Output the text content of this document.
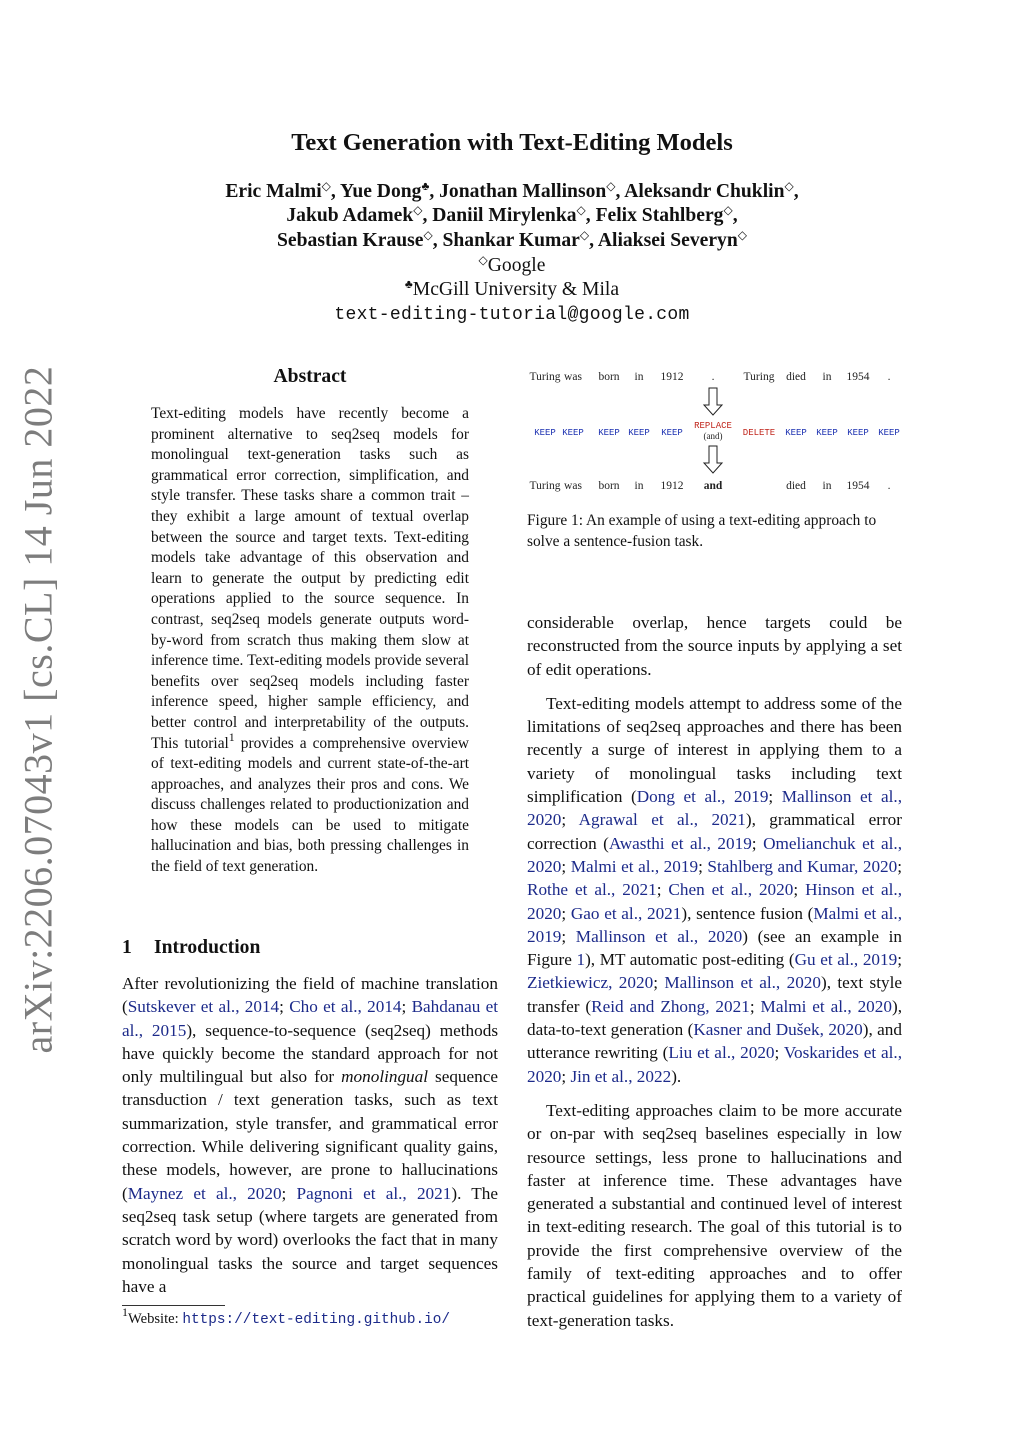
arXiv:2206.07043v1 [cs.CL] 14 Jun 2022
Text Generation with Text-Editing Models
Eric Malmi◇, Yue Dong♣, Jonathan Mallinson◇, Aleksandr Chuklin◇,
Jakub Adamek◇, Daniil Mirylenka◇, Felix Stahlberg◇,
Sebastian Krause◇, Shankar Kumar◇, Aliaksei Severyn◇
◇Google
♣McGill University & Mila
text-editing-tutorial@google.com
Abstract
Text-editing models have recently become a prominent alternative to seq2seq models for monolingual text-generation tasks such as grammatical error correction, simplification, and style transfer. These tasks share a common trait – they exhibit a large amount of textual overlap between the source and target texts. Text-editing models take advantage of this observation and learn to generate the output by predicting edit operations applied to the source sequence. In contrast, seq2seq models generate outputs word-by-word from scratch thus making them slow at inference time. Text-editing models provide several benefits over seq2seq models including faster inference speed, higher sample efficiency, and better control and interpretability of the outputs. This tutorial$^1$ provides a comprehensive overview of text-editing models and current state-of-the-art approaches, and analyzes their pros and cons. We discuss challenges related to productionization and how these models can be used to mitigate hallucination and bias, both pressing challenges in the field of text generation.
Turing was born in 1912 .	Turing died in 1954 .
KEEP KEEP KEEP KEEP KEEP
REPLACE
DELETE KEEP KEEP KEEP KEEP
(and)
Turing was born in 1912 and	died in 1954 .
Figure 1: An example of using a text-editing approach to solve a sentence-fusion task.
1 Introduction
After revolutionizing the field of machine translation (Sutskever et al., 2014; Cho et al., 2014; Bahdanau et al., 2015), sequence-to-sequence (seq2seq) methods have quickly become the standard approach for not only multilingual but also for monolingual sequence transduction / text generation tasks, such as text summarization, style transfer, and grammatical error correction. While delivering significant quality gains, these models, however, are prone to hallucinations (Maynez et al., 2020; Pagnoni et al., 2021). The seq2seq task setup (where targets are generated from scratch word by word) overlooks the fact that in many monolingual tasks the source and target sequences have a

considerable overlap, hence targets could be reconstructed from the source inputs by applying a set of edit operations.

Text-editing models attempt to address some of the limitations of seq2seq approaches and there has been recently a surge of interest in applying them to a variety of monolingual tasks including text simplification (Dong et al., 2019; Mallinson et al., 2020; Agrawal et al., 2021), grammatical error correction (Awasthi et al., 2019; Omelianchuk et al., 2020; Malmi et al., 2019; Stahlberg and Kumar, 2020; Rothe et al., 2021; Chen et al., 2020; Hinson et al., 2020; Gao et al., 2021), sentence fusion (Malmi et al., 2019; Mallinson et al., 2020) (see an example in Figure 1), MT automatic post-editing (Gu et al., 2019; Zietkiewicz, 2020; Mallinson et al., 2020), text style transfer (Reid and Zhong, 2021; Malmi et al., 2020), data-to-text generation (Kasner and Dušek, 2020), and utterance rewriting (Liu et al., 2020; Voskarides et al., 2020; Jin et al., 2022).

Text-editing approaches claim to be more accurate or on-par with seq2seq baselines especially in low resource settings, less prone to hallucinations and faster at inference time. These advantages have generated a substantial and continued level of interest in text-editing research. The goal of this tutorial is to provide the first comprehensive overview of the family of text-editing approaches and to offer practical guidelines for applying them to a variety of text-generation tasks.

$^1$Website: https://text-editing.github.io/
